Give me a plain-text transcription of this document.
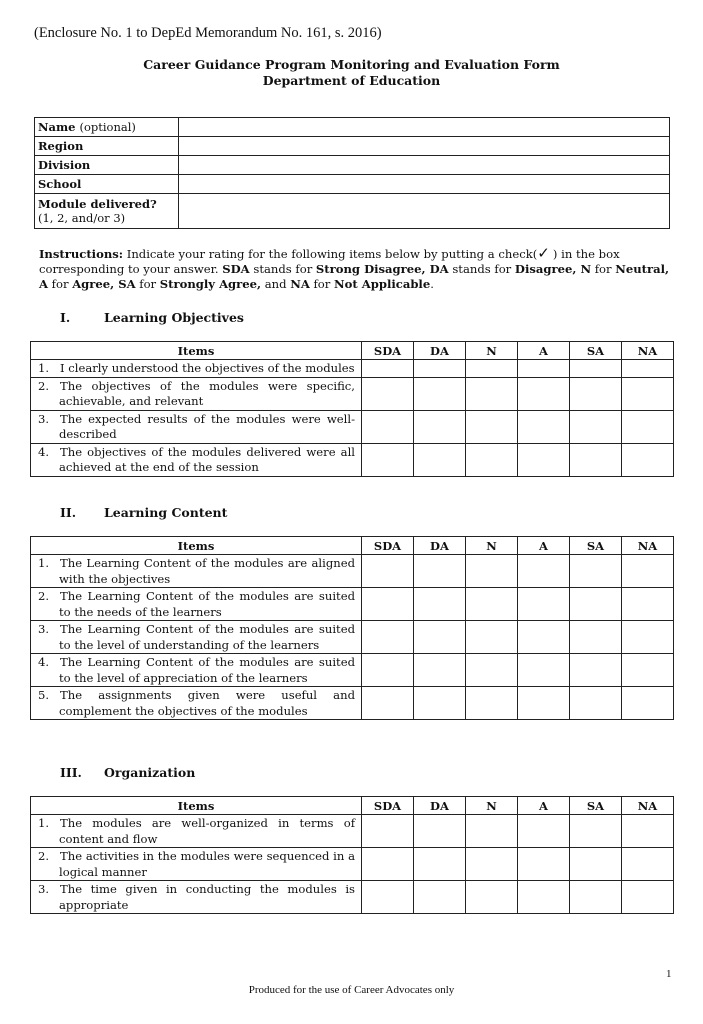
(Enclosure No. 1 to DepEd Memorandum No. 161, s. 2016)
Career Guidance Program Monitoring and Evaluation Form
Department of Education
Name (optional)	
Region	
Division	
School	
Module delivered?
(1, 2, and/or 3)	
Instructions: Indicate your rating for the following items below by putting a check(✓ ) in the box corresponding to your answer. SDA stands for Strong Disagree, DA stands for Disagree, N for Neutral, A for Agree, SA for Strongly Agree, and NA for Not Applicable.
I.	Learning Objectives
Items	SDA	DA	N	A	SA	NA

1. I clearly understood the objectives of the modules						

2. The objectives of the modules were specific, achievable, and relevant						

3. The expected results of the modules were well-described						

4. The objectives of the modules delivered were all achieved at the end of the session						

II. Learning Content
Items	SDA	DA	N	A	SA	NA

1. The Learning Content of the modules are aligned with the objectives						

2. The Learning Content of the modules are suited to the needs of the learners						

3. The Learning Content of the modules are suited to the level of understanding of the learners						

4. The Learning Content of the modules are suited to the level of appreciation of the learners						

5. The assignments given were useful and complement the objectives of the modules						

III. Organization
Items	SDA	DA	N	A	SA	NA

1. The modules are well-organized in terms of content and flow						

2. The activities in the modules were sequenced in a logical manner						

3. The time given in conducting the modules is appropriate						

1
Produced for the use of Career Advocates only
